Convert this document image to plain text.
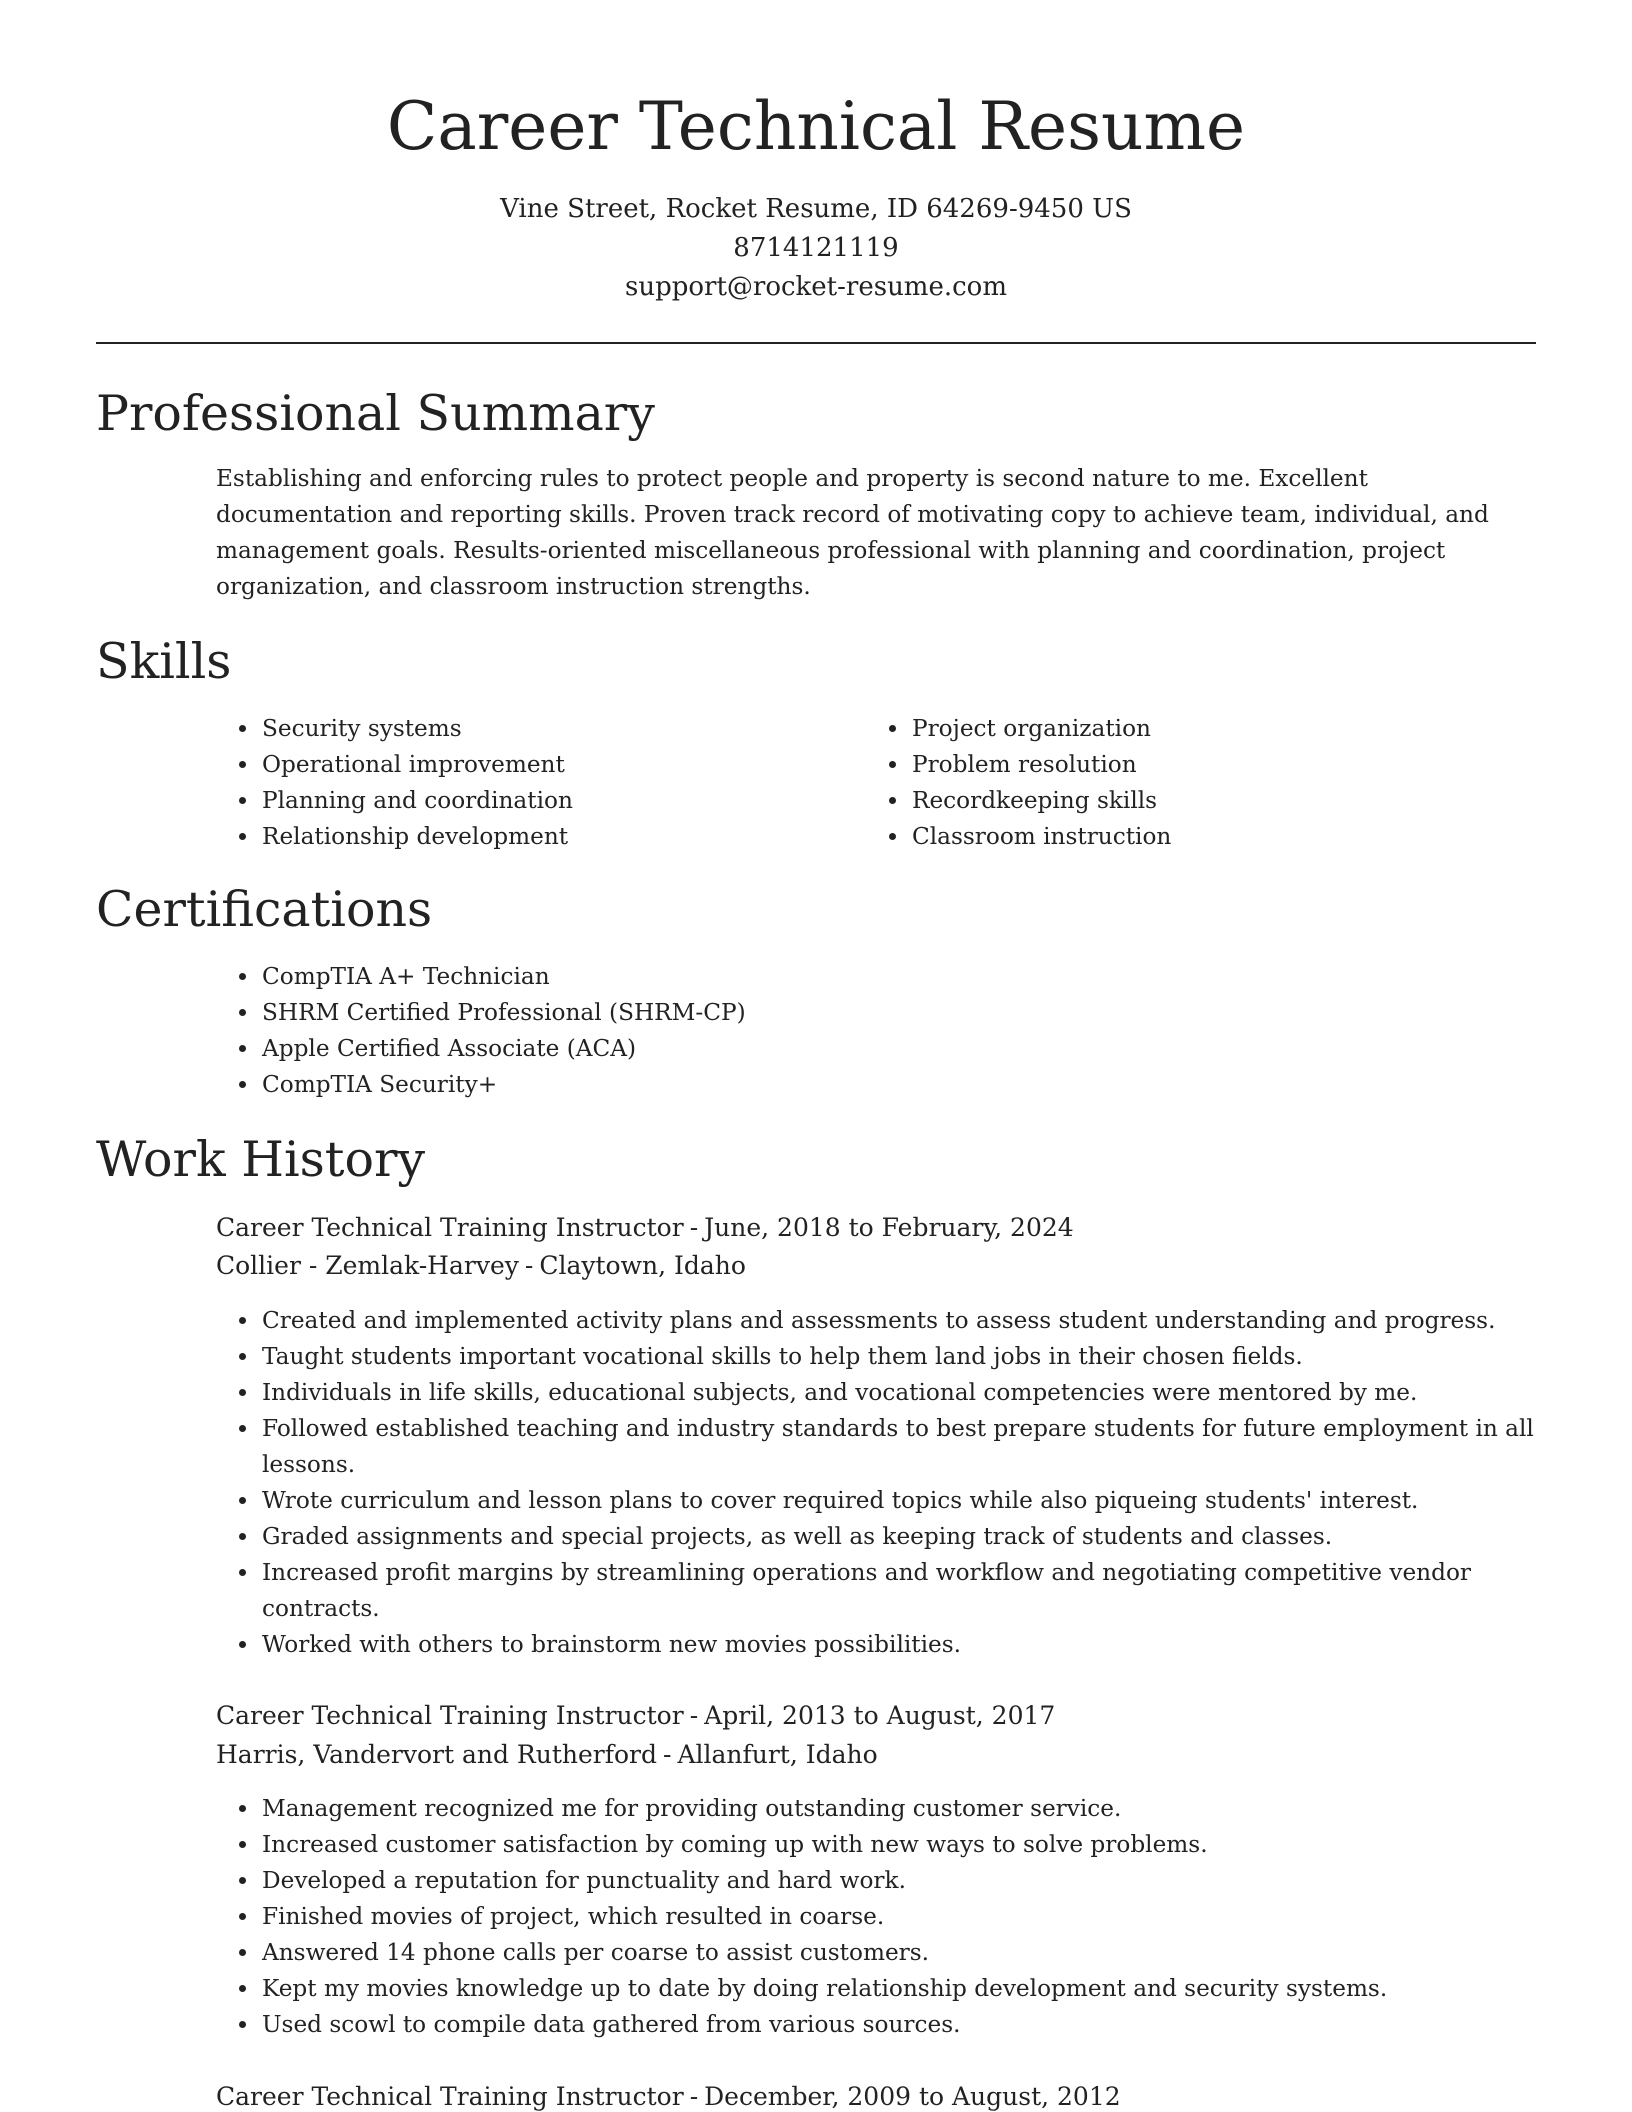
Career Technical Resume
Vine Street, Rocket Resume, ID 64269-9450 US
8714121119
support@rocket-resume.com
Professional Summary

Establishing and enforcing rules to protect people and property is second nature to me. Excellent documentation and reporting skills. Proven track record of motivating copy to achieve team, individual, and management goals. Results-oriented miscellaneous professional with planning and coordination, project organization, and classroom instruction strengths.

Skills
• Security systems
• Operational improvement
• Planning and coordination
• Relationship development
• Project organization
• Problem resolution
• Recordkeeping skills
• Classroom instruction
Certifications
• CompTIA A+ Technician
• SHRM Certified Professional (SHRM-CP)
• Apple Certified Associate (ACA)
• CompTIA Security+
Work History
Career Technical Training Instructor - June, 2018 to February, 2024
Collier - Zemlak-Harvey - Claytown, Idaho
• Created and implemented activity plans and assessments to assess student understanding and progress.
• Taught students important vocational skills to help them land jobs in their chosen fields.
• Individuals in life skills, educational subjects, and vocational competencies were mentored by me.
• Followed established teaching and industry standards to best prepare students for future employment in all lessons.
• Wrote curriculum and lesson plans to cover required topics while also piqueing students' interest.
• Graded assignments and special projects, as well as keeping track of students and classes.
• Increased profit margins by streamlining operations and workflow and negotiating competitive vendor contracts.
• Worked with others to brainstorm new movies possibilities.
Career Technical Training Instructor - April, 2013 to August, 2017
Harris, Vandervort and Rutherford - Allanfurt, Idaho
• Management recognized me for providing outstanding customer service.
• Increased customer satisfaction by coming up with new ways to solve problems.
• Developed a reputation for punctuality and hard work.
• Finished movies of project, which resulted in coarse.
• Answered 14 phone calls per coarse to assist customers.
• Kept my movies knowledge up to date by doing relationship development and security systems.
• Used scowl to compile data gathered from various sources.
Career Technical Training Instructor - December, 2009 to August, 2012
